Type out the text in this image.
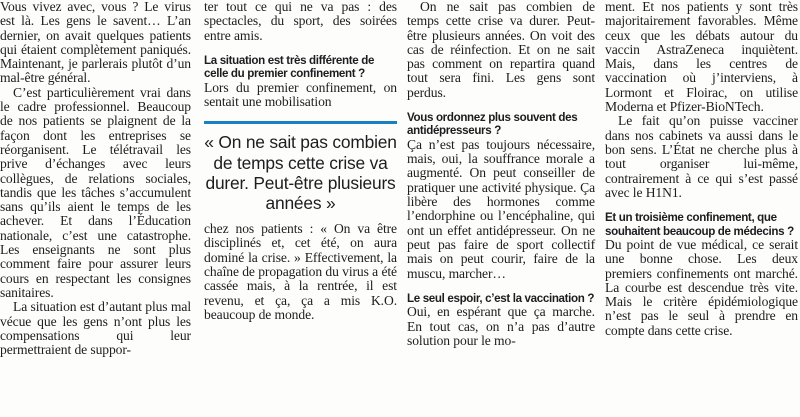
Vous vivez avec, vous ? Le virus est là. Les gens le savent… L’an dernier, on avait quelques patients qui étaient complètement paniqués. Maintenant, je parlerais plutôt d’un mal-être général.

C’est particulièrement vrai dans le cadre professionnel. Beaucoup de nos patients se plaignent de la façon dont les entreprises se réorganisent. Le télétravail les prive d’échanges avec leurs collègues, de relations sociales, tandis que les tâches s’accumulent sans qu’ils aient le temps de les achever. Et dans l’Éducation nationale, c’est une catastrophe. Les enseignants ne sont plus comment faire pour assurer leurs cours en respectant les consignes sanitaires.

La situation est d’autant plus mal vécue que les gens n’ont plus les compensations qui leur permettraient de suppor-

ter tout ce qui ne va pas : des spectacles, du sport, des soirées entre amis.

La situation est très différente de celle du premier confinement ?

Lors du premier confinement, on sentait une mobilisation

« On ne sait pas combien de temps cette crise va durer. Peut-être plusieurs années »

chez nos patients : « On va être disciplinés et, cet été, on aura dominé la crise. » Effectivement, la chaîne de propagation du virus a été cassée mais, à la rentrée, il est revenu, et ça, ça a mis K.O. beaucoup de monde.

On ne sait pas combien de temps cette crise va durer. Peut-être plusieurs années. On voit des cas de réinfection. Et on ne sait pas comment on repartira quand tout sera fini. Les gens sont perdus.

Vous ordonnez plus souvent des antidépresseurs ?

Ça n’est pas toujours nécessaire, mais, oui, la souffrance morale a augmenté. On peut conseiller de pratiquer une activité physique. Ça libère des hormones comme l’endorphine ou l’encéphaline, qui ont un effet antidépresseur. On ne peut pas faire de sport collectif mais on peut courir, faire de la muscu, marcher…

Le seul espoir, c’est la vaccination ?

Oui, en espérant que ça marche. En tout cas, on n’a pas d’autre solution pour le mo-

ment. Et nos patients y sont très majoritairement favorables. Même ceux que les débats autour du vaccin AstraZeneca inquiètent. Mais, dans les centres de vaccination où j’interviens, à Lormont et Floirac, on utilise Moderna et Pfizer-BioNTech.

Le fait qu’on puisse vacciner dans nos cabinets va aussi dans le bon sens. L’État ne cherche plus à tout organiser lui-même, contrairement à ce qui s’est passé avec le H1N1.

Et un troisième confinement, que souhaitent beaucoup de médecins ?

Du point de vue médical, ce serait une bonne chose. Les deux premiers confinements ont marché. La courbe est descendue très vite. Mais le critère épidémiologique n’est pas le seul à prendre en compte dans cette crise.
